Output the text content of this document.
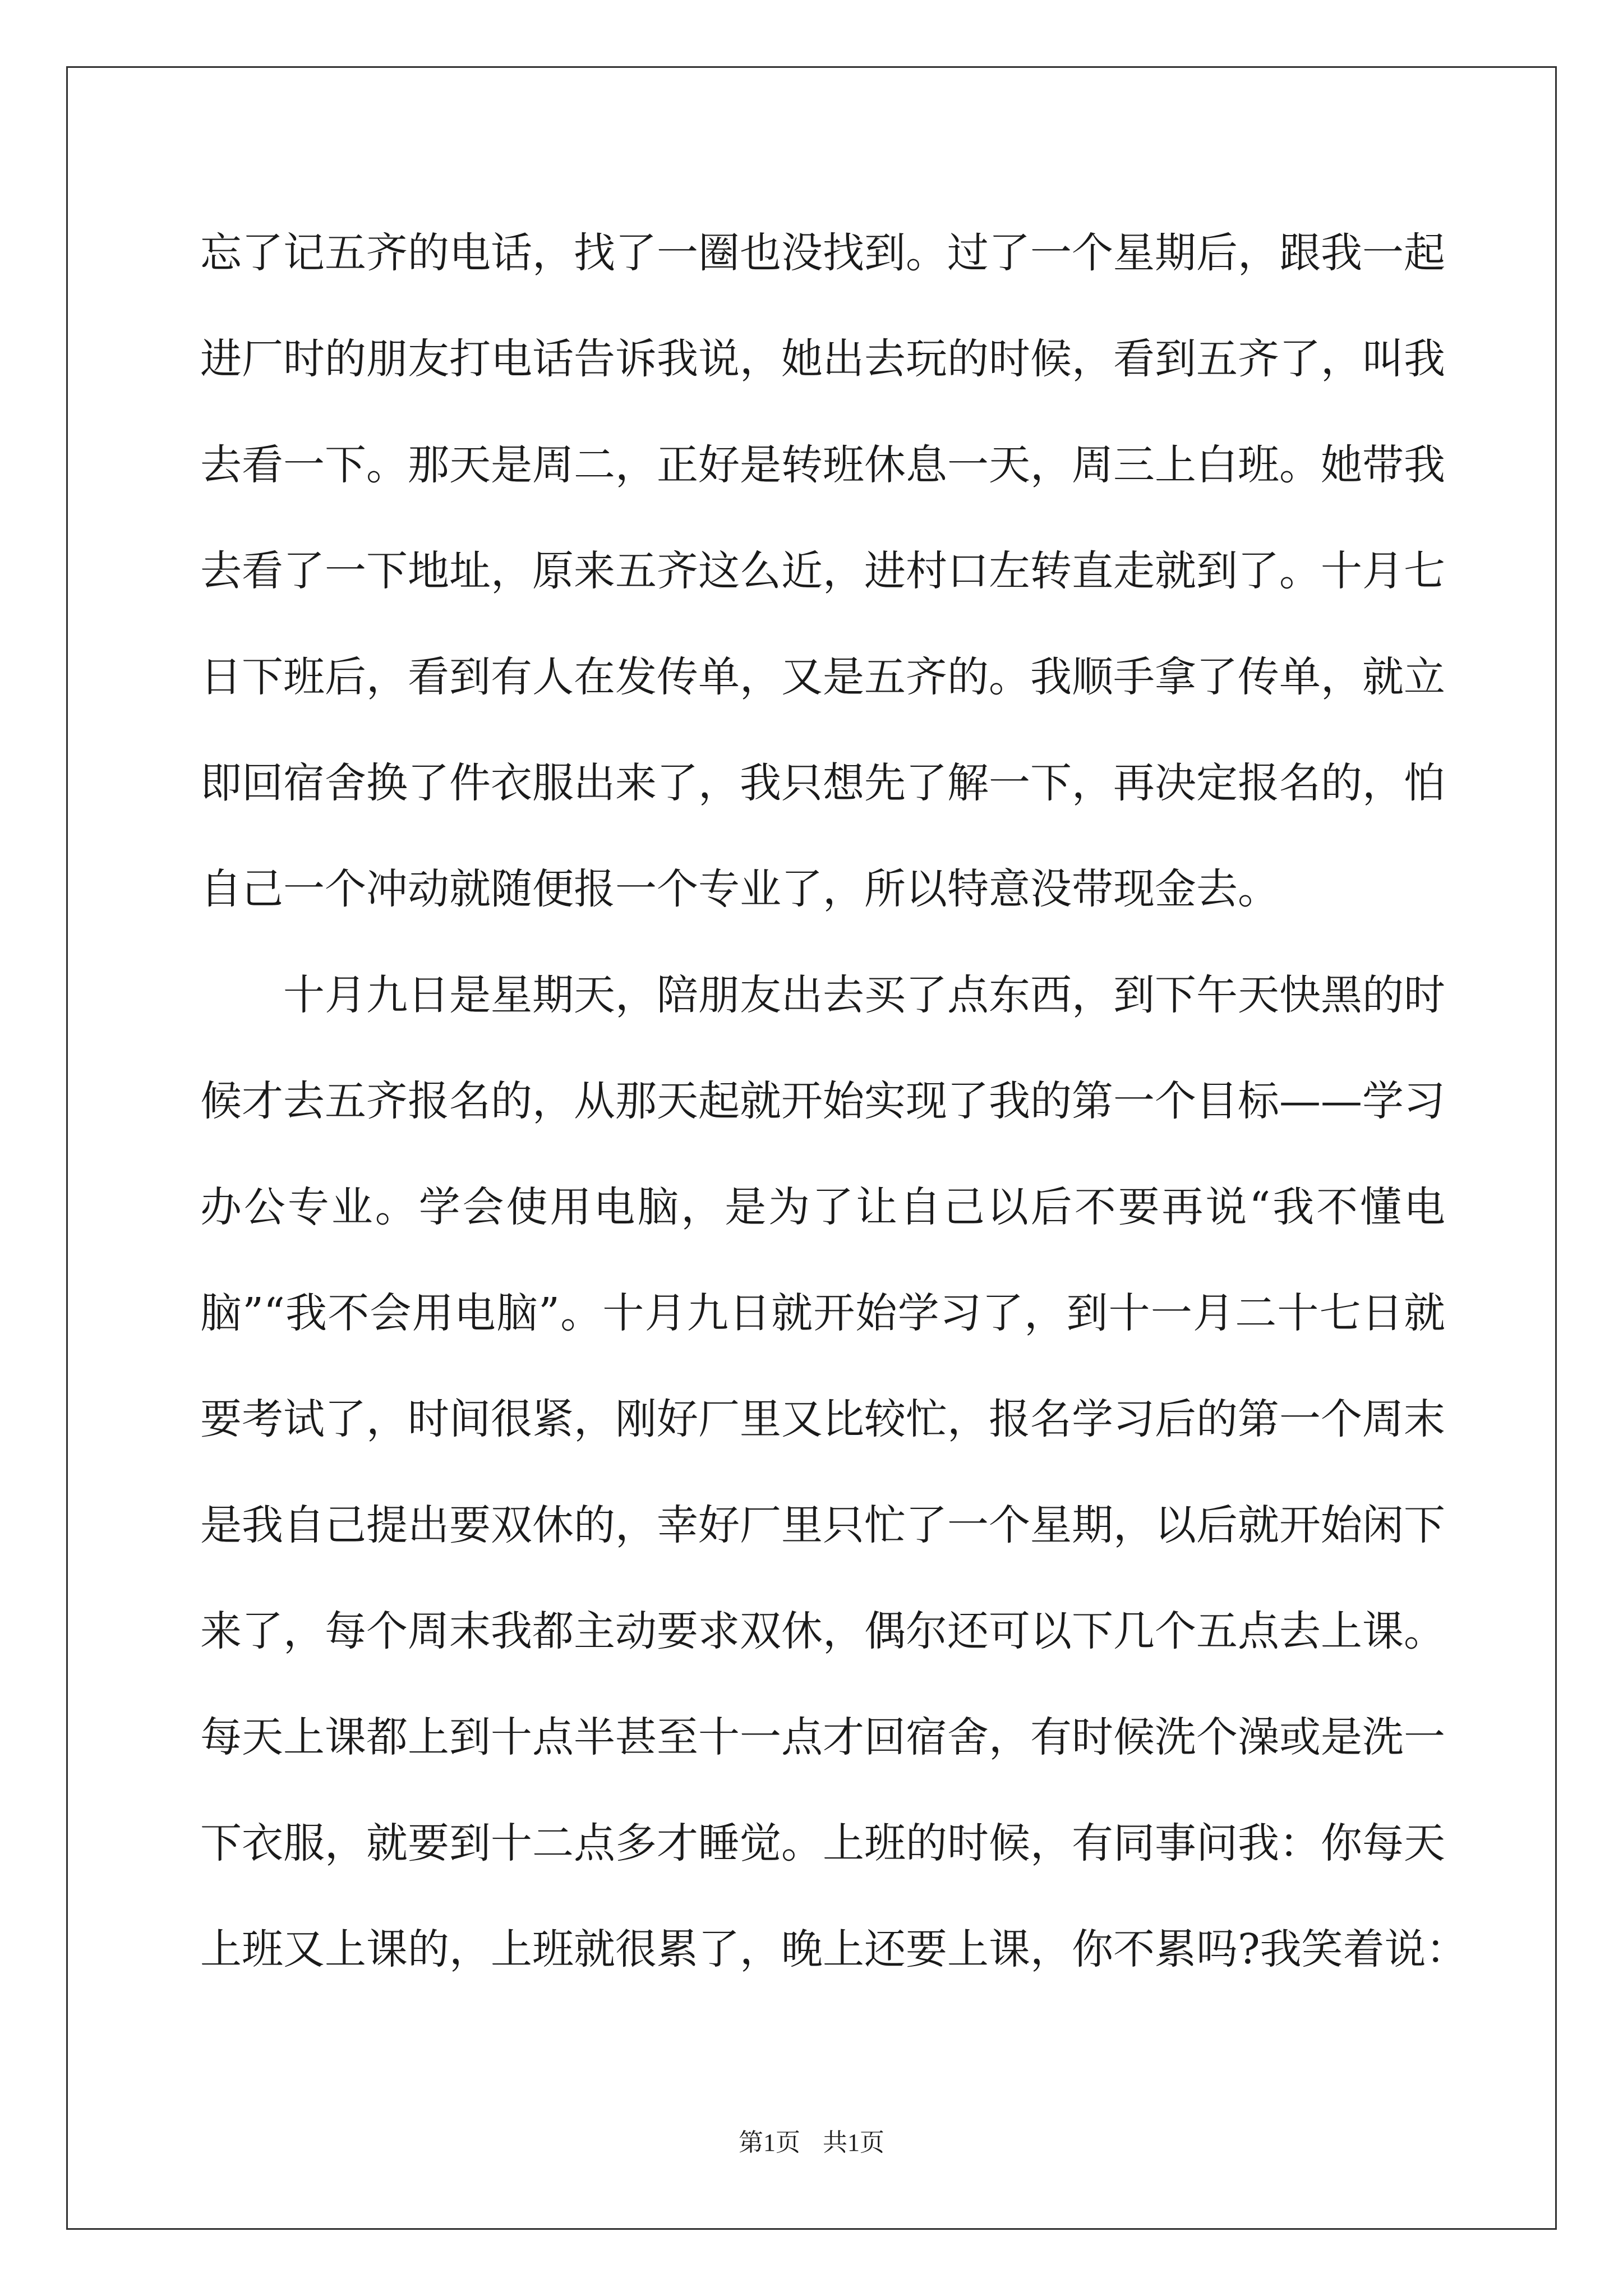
忘了记五齐的电话，找了一圈也没找到。过了一个星期后，跟我一起
进厂时的朋友打电话告诉我说，她出去玩的时候，看到五齐了，叫我
去看一下。那天是周二，正好是转班休息一天，周三上白班。她带我
去看了一下地址，原来五齐这么近，进村口左转直走就到了。十月七
日下班后，看到有人在发传单，又是五齐的。我顺手拿了传单，就立
即回宿舍换了件衣服出来了，我只想先了解一下，再决定报名的，怕
自己一个冲动就随便报一个专业了，所以特意没带现金去。
十月九日是星期天，陪朋友出去买了点东西，到下午天快黑的时
候才去五齐报名的，从那天起就开始实现了我的第一个目标——学习
办公专业。学会使用电脑，是为了让自己以后不要再说“我不懂电
脑”“我不会用电脑”。十月九日就开始学习了，到十一月二十七日就
要考试了，时间很紧，刚好厂里又比较忙，报名学习后的第一个周末
是我自己提出要双休的，幸好厂里只忙了一个星期，以后就开始闲下
来了，每个周末我都主动要求双休，偶尔还可以下几个五点去上课。
每天上课都上到十点半甚至十一点才回宿舍，有时候洗个澡或是洗一
下衣服，就要到十二点多才睡觉。上班的时候，有同事问我：你每天
上班又上课的，上班就很累了，晚上还要上课，你不累吗?我笑着说：
第1页 共1页
